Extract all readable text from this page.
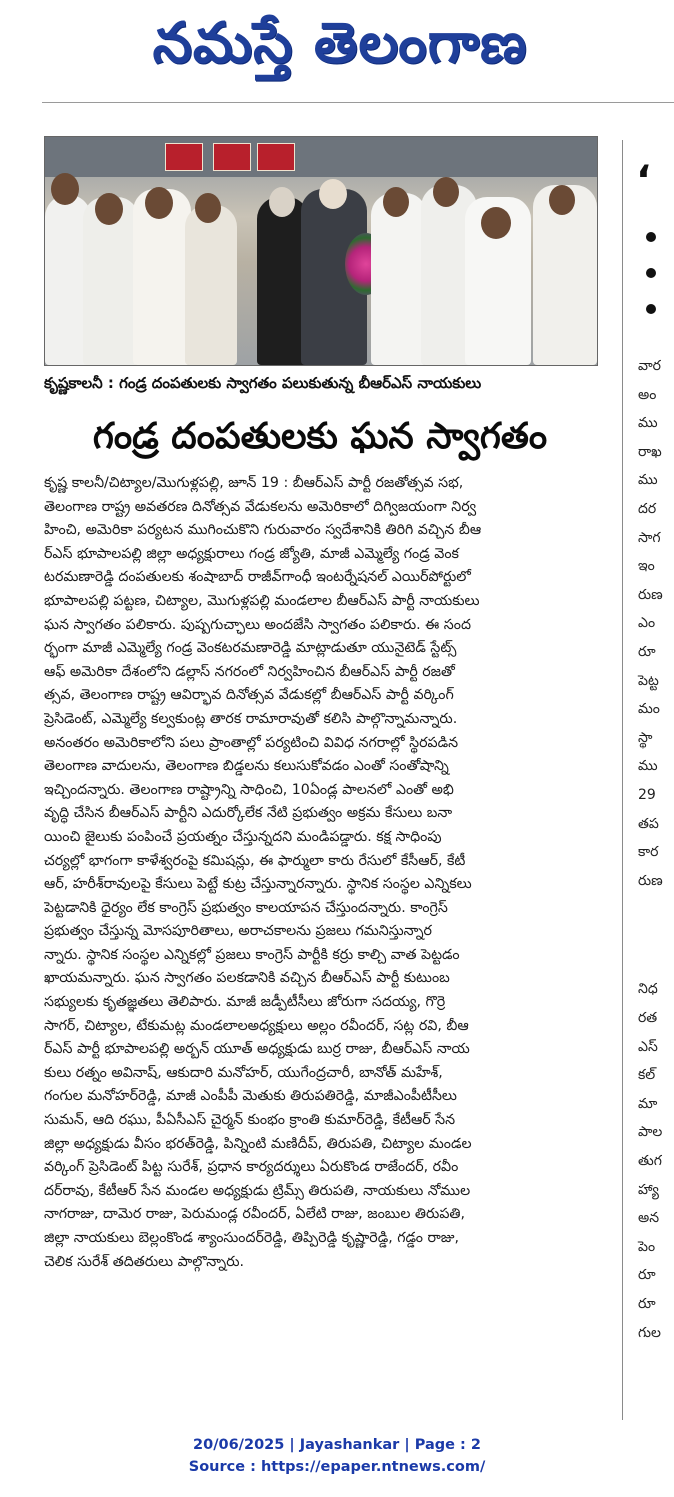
నమస్తే తెలంగాణ
కృష్ణకాలనీ : గండ్ర దంపతులకు స్వాగతం పలుకుతున్న బీఆర్‌ఎస్ నాయకులు
గండ్ర దంపతులకు ఘన స్వాగతం
కృష్ణ కాలనీ/చిట్యాల/మొగుళ్లపల్లి, జూన్ 19 : బీఆర్‌ఎస్ పార్టీ రజతోత్సవ సభ,
తెలంగాణ రాష్ట్ర అవతరణ దినోత్సవ వేడుకలను అమెరికాలో దిగ్విజయంగా నిర్వ
హించి, అమెరికా పర్యటన ముగించుకొని గురువారం స్వదేశానికి తిరిగి వచ్చిన బీఆ
ర్‌ఎస్ భూపాలపల్లి జిల్లా అధ్యక్షురాలు గండ్ర జ్యోతి, మాజీ ఎమ్మెల్యే గండ్ర వెంక
టరమణారెడ్డి దంపతులకు శంషాబాద్ రాజీవ్‌గాంధీ ఇంటర్నేషనల్ ఎయిర్‌పోర్టులో
భూపాలపల్లి పట్టణ, చిట్యాల, మొగుళ్లపల్లి మండలాల బీఆర్‌ఎస్ పార్టీ నాయకులు
ఘన స్వాగతం పలికారు. పుష్పగుచ్ఛాలు అందజేసి స్వాగతం పలికారు. ఈ సంద
ర్భంగా మాజీ ఎమ్మెల్యే గండ్ర వెంకటరమణారెడ్డి మాట్లాడుతూ యునైటెడ్ స్టేట్స్
ఆఫ్ అమెరికా దేశంలోని డల్లాస్ నగరంలో నిర్వహించిన బీఆర్‌ఎస్ పార్టీ రజతో
త్సవ, తెలంగాణ రాష్ట్ర ఆవిర్భావ దినోత్సవ వేడుకల్లో బీఆర్‌ఎస్ పార్టీ వర్కింగ్
ప్రెసిడెంట్, ఎమ్మెల్యే కల్వకుంట్ల తారక రామారావుతో కలిసి పాల్గొన్నామన్నారు.
అనంతరం అమెరికాలోని పలు ప్రాంతాల్లో పర్యటించి వివిధ నగరాల్లో స్థిరపడిన
తెలంగాణ వాదులను, తెలంగాణ బిడ్డలను కలుసుకోవడం ఎంతో సంతోషాన్ని
ఇచ్చిందన్నారు. తెలంగాణ రాష్ట్రాన్ని సాధించి, 10ఏండ్ల పాలనలో ఎంతో అభి
వృద్ధి చేసిన బీఆర్‌ఎస్ పార్టీని ఎదుర్కోలేక నేటి ప్రభుత్వం అక్రమ కేసులు బనా
యించి జైలుకు పంపించే ప్రయత్నం చేస్తున్నదని మండిపడ్డారు. కక్ష సాధింపు
చర్యల్లో భాగంగా కాళేశ్వరంపై కమిషన్లు, ఈ ఫార్ములా కారు రేసులో కేసీఆర్, కేటీ
ఆర్, హరీశ్‌రావులపై కేసులు పెట్టే కుట్ర చేస్తున్నారన్నారు. స్థానిక సంస్థల ఎన్నికలు
పెట్టడానికి ధైర్యం లేక కాంగ్రెస్ ప్రభుత్వం కాలయాపన చేస్తుందన్నారు. కాంగ్రెస్
ప్రభుత్వం చేస్తున్న మోసపూరితాలు, అరాచకాలను ప్రజలు గమనిస్తున్నార
న్నారు. స్థానిక సంస్థల ఎన్నికల్లో ప్రజలు కాంగ్రెస్ పార్టీకి కర్రు కాల్చి వాత పెట్టడం
ఖాయమన్నారు. ఘన స్వాగతం పలకడానికి వచ్చిన బీఆర్‌ఎస్ పార్టీ కుటుంబ
సభ్యులకు కృతజ్ఞతలు తెలిపారు. మాజీ జడ్పీటీసీలు జోరుగా సదయ్య, గొర్రె
సాగర్, చిట్యాల, టేకుమట్ల మండలాలఅధ్యక్షులు అల్లం రవీందర్, సట్ల రవి, బీఆ
ర్‌ఎస్ పార్టీ భూపాలపల్లి అర్బన్ యూత్ అధ్యక్షుడు బుర్ర రాజు, బీఆర్‌ఎస్ నాయ
కులు రత్నం అవినాష్, ఆకుదారి మనోహర్, యుగేంద్రచారీ, బానోత్ మహేశ్,
గంగుల మనోహర్‌రెడ్డి, మాజీ ఎంపీపీ మెతుకు తిరుపతిరెడ్డి, మాజీఎంపీటీసీలు
సుమన్, ఆది రఘు, పీఏసీఎస్ చైర్మన్ కుంభం క్రాంతి కుమార్‌రెడ్డి, కేటీఆర్ సేన
జిల్లా అధ్యక్షుడు వీసం భరత్‌రెడ్డి, పిన్నింటి మణిదీప్, తిరుపతి, చిట్యాల మండల
వర్కింగ్ ప్రెసిడెంట్ పిట్ట సురేశ్, ప్రధాన కార్యదర్శులు ఏరుకొండ రాజేందర్, రవీం
దర్‌రావు, కేటీఆర్ సేన మండల అధ్యక్షుడు ట్రిమ్స్ తిరుపతి, నాయకులు నోముల
నాగరాజు, దామెర రాజు, పెరుమండ్ల రవీందర్, ఏలేటి రాజు, జంబుల తిరుపతి,
జిల్లా నాయకులు బెల్లంకొండ శ్యాంసుందర్‌రెడ్డి, తిప్పిరెడ్డి కృష్ణారెడ్డి, గడ్డం రాజు,
చెలిక సురేశ్ తదితరులు పాల్గొన్నారు.
‘
వార
అం
ము
రాఖ
ము
దర
సాగ
ఇం
రుణ
ఎం
రూ
పెట్ట
మం
స్థా
ము
29
తప
కార
రుణ
నిధ
రత
ఎస్
కల్
మా
పాల
తుగ
హ్యా
అన
పెం
రూ
రూ
గుల
20/06/2025 | Jayashankar | Page : 2
Source : https://epaper.ntnews.com/
